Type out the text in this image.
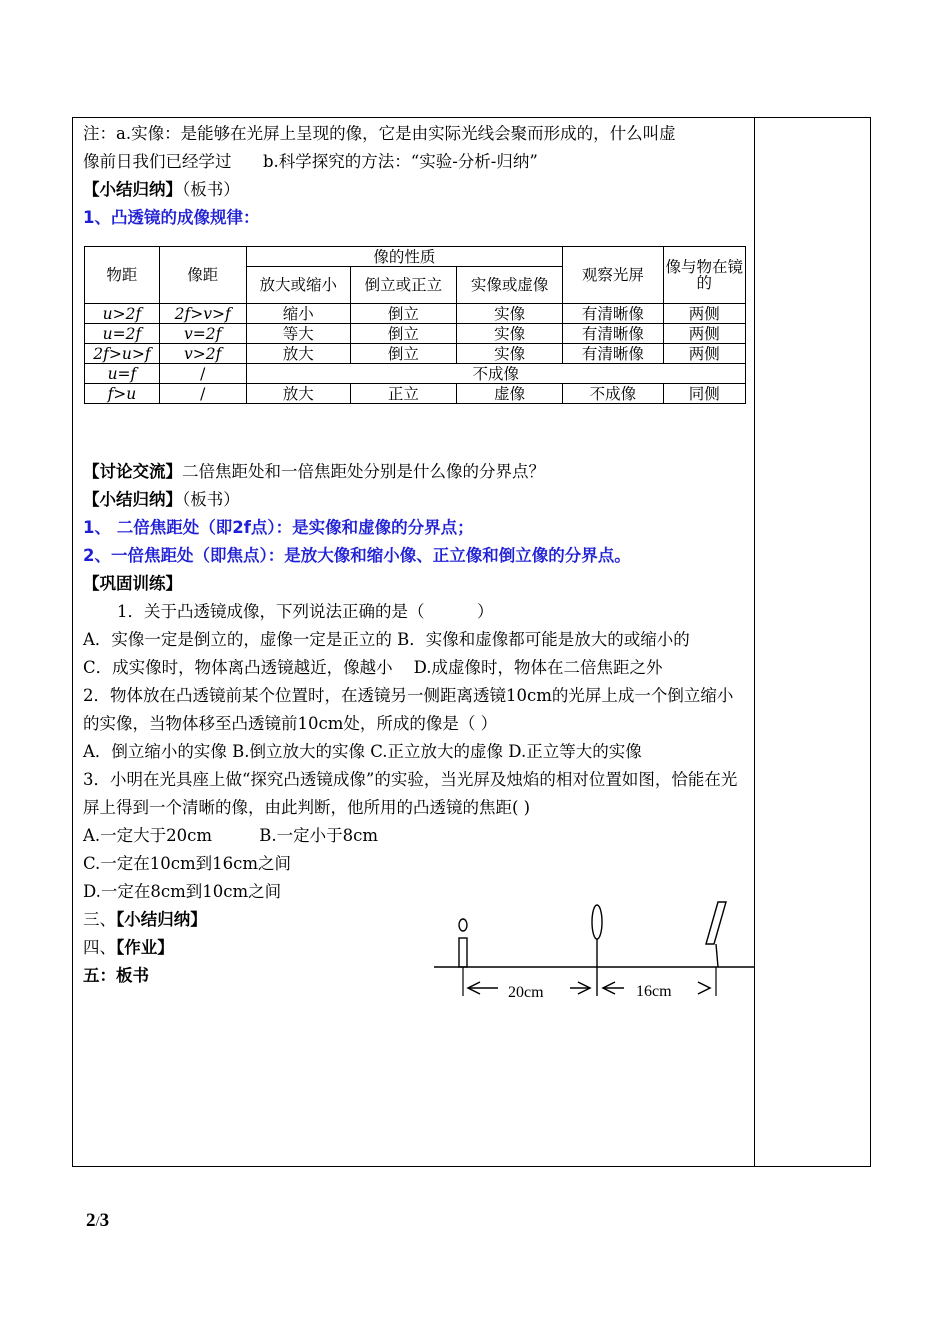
注：a.实像：是能够在光屏上呈现的像，它是由实际光线会聚而形成的，什么叫虚
像前日我们已经学过      b.科学探究的方法：“实验-分析-归纳”
【小结归纳】（板书）
1、凸透镜的成像规律：
物距	像距	像的性质			观察光屏	像与物在镜的
		放大或缩小	倒立或正立	实像或虚像		
u>2f	2f>v>f	缩小	倒立	实像	有清晰像	两侧
u=2f	v=2f	等大	倒立	实像	有清晰像	两侧
2f>u>f	v>2f	放大	倒立	实像	有清晰像	两侧
u=f	/	不成像				
f>u	/	放大	正立	虚像	不成像	同侧
【讨论交流】二倍焦距处和一倍焦距处分别是什么像的分界点？
【小结归纳】（板书）
1、 二倍焦距处（即2f点）：是实像和虚像的分界点；
2、一倍焦距处（即焦点）：是放大像和缩小像、正立像和倒立像的分界点。
【巩固训练】
1．关于凸透镜成像，下列说法正确的是（          ）
A．实像一定是倒立的，虚像一定是正立的 B．实像和虚像都可能是放大的或缩小的
C．成实像时，物体离凸透镜越近，像越小    D.成虚像时，物体在二倍焦距之外
2．物体放在凸透镜前某个位置时，在透镜另一侧距离透镜10cm的光屏上成一个倒立缩小的实像，当物体移至凸透镜前10cm处，所成的像是（ ）
A．倒立缩小的实像 B.倒立放大的实像 C.正立放大的虚像 D.正立等大的实像
3．小明在光具座上做“探究凸透镜成像”的实验，当光屏及烛焰的相对位置如图，恰能在光屏上得到一个清晰的像，由此判断，他所用的凸透镜的焦距( )
A.一定大于20cm         B.一定小于8cm
C.一定在10cm到16cm之间
D.一定在8cm到10cm之间
三、【小结归纳】
四、【作业】
五：板书
20cm	16cm
2/3
